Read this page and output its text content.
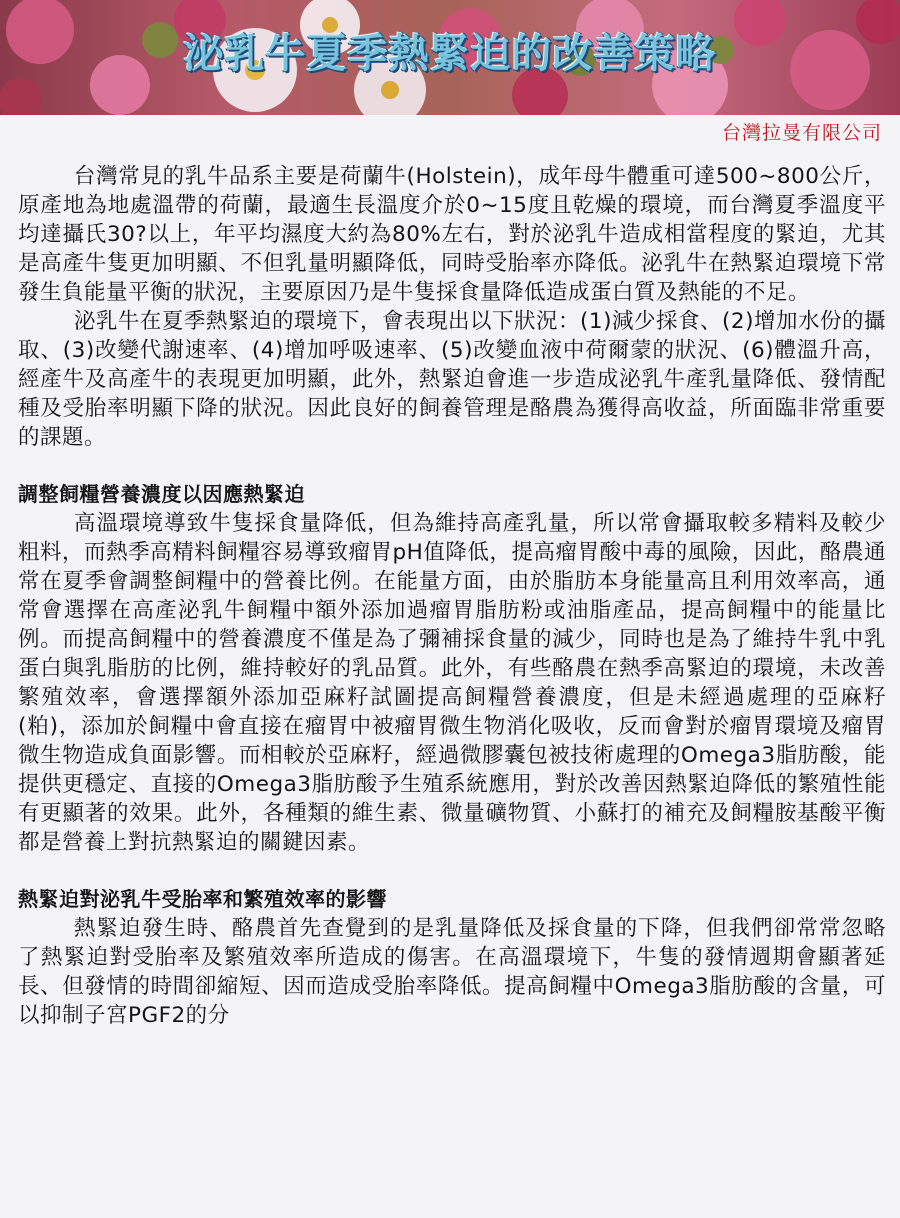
泌乳牛夏季熱緊迫的改善策略
台灣拉曼有限公司

台灣常見的乳牛品系主要是荷蘭牛(Holstein)，成年母牛體重可達500~800公斤，原產地為地處溫帶的荷蘭，最適生長溫度介於0~15度且乾燥的環境，而台灣夏季溫度平均達攝氏30?以上，年平均濕度大約為80%左右，對於泌乳牛造成相當程度的緊迫，尤其是高產牛隻更加明顯、不但乳量明顯降低，同時受胎率亦降低。泌乳牛在熱緊迫環境下常發生負能量平衡的狀況，主要原因乃是牛隻採食量降低造成蛋白質及熱能的不足。

泌乳牛在夏季熱緊迫的環境下，會表現出以下狀況：(1)減少採食、(2)增加水份的攝取、(3)改變代謝速率、(4)增加呼吸速率、(5)改變血液中荷爾蒙的狀況、(6)體溫升高，經產牛及高產牛的表現更加明顯，此外，熱緊迫會進一步造成泌乳牛產乳量降低、發情配種及受胎率明顯下降的狀況。因此良好的飼養管理是酪農為獲得高收益，所面臨非常重要的課題。

調整飼糧營養濃度以因應熱緊迫

高溫環境導致牛隻採食量降低，但為維持高產乳量，所以常會攝取較多精料及較少粗料，而熱季高精料飼糧容易導致瘤胃pH值降低，提高瘤胃酸中毒的風險，因此，酪農通常在夏季會調整飼糧中的營養比例。在能量方面，由於脂肪本身能量高且利用效率高，通常會選擇在高產泌乳牛飼糧中額外添加過瘤胃脂肪粉或油脂產品，提高飼糧中的能量比例。而提高飼糧中的營養濃度不僅是為了彌補採食量的減少，同時也是為了維持牛乳中乳蛋白與乳脂肪的比例，維持較好的乳品質。此外，有些酪農在熱季高緊迫的環境，未改善繁殖效率，會選擇額外添加亞麻籽試圖提高飼糧營養濃度，但是未經過處理的亞麻籽(粕)，添加於飼糧中會直接在瘤胃中被瘤胃微生物消化吸收，反而會對於瘤胃環境及瘤胃微生物造成負面影響。而相較於亞麻籽，經過微膠囊包被技術處理的Omega3脂肪酸，能提供更穩定、直接的Omega3脂肪酸予生殖系統應用，對於改善因熱緊迫降低的繁殖性能有更顯著的效果。此外，各種類的維生素、微量礦物質、小蘇打的補充及飼糧胺基酸平衡都是營養上對抗熱緊迫的關鍵因素。

熱緊迫對泌乳牛受胎率和繁殖效率的影響

熱緊迫發生時、酪農首先查覺到的是乳量降低及採食量的下降，但我們卻常常忽略了熱緊迫對受胎率及繁殖效率所造成的傷害。在高溫環境下，牛隻的發情週期會顯著延長、但發情的時間卻縮短、因而造成受胎率降低。提高飼糧中Omega3脂肪酸的含量，可以抑制子宮PGF2的分
